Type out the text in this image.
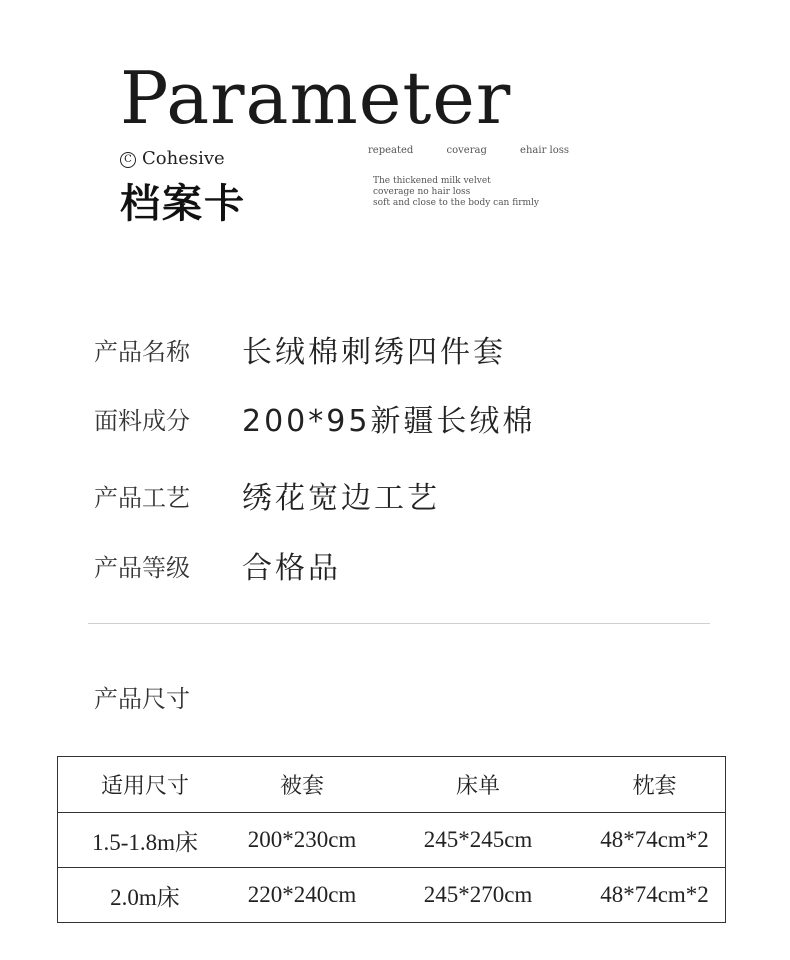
Parameter
C Cohesive
档案卡
repeated	coverag	ehair loss
The thickened milk velvet
coverage no hair loss
soft and close to the body can firmly
产品名称 长绒棉刺绣四件套
面料成分 200*95新疆长绒棉
产品工艺 绣花宽边工艺
产品等级 合格品
产品尺寸
适用尺寸	被套	床单	枕套
1.5-1.8m床	200*230cm	245*245cm	48*74cm*2
2.0m床	220*240cm	245*270cm	48*74cm*2
